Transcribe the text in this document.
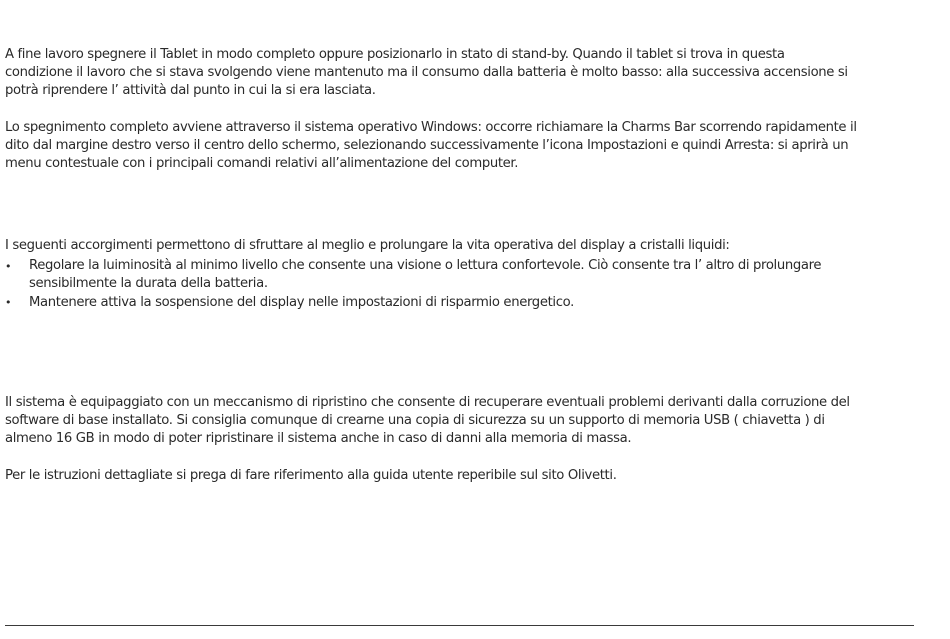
A fine lavoro spegnere il Tablet in modo completo oppure posizionarlo in stato di stand-by. Quando il tablet si trova in questa
condizione il lavoro che si stava svolgendo viene mantenuto ma il consumo dalla batteria è molto basso: alla successiva accensione si
potrà riprendere l’ attività dal punto in cui la si era lasciata.
Lo spegnimento completo avviene attraverso il sistema operativo Windows: occorre richiamare la Charms Bar scorrendo rapidamente il
dito dal margine destro verso il centro dello schermo, selezionando successivamente l’icona Impostazioni e quindi Arresta: si aprirà un
menu contestuale con i principali comandi relativi all’alimentazione del computer.
I seguenti accorgimenti permettono di sfruttare al meglio e prolungare la vita operativa del display a cristalli liquidi:
• Regolare la luiminosità al minimo livello che consente una visione o lettura confortevole. Ciò consente tra l’ altro di prolungare
sensibilmente la durata della batteria.
• Mantenere attiva la sospensione del display nelle impostazioni di risparmio energetico.
Il sistema è equipaggiato con un meccanismo di ripristino che consente di recuperare eventuali problemi derivanti dalla corruzione del
software di base installato. Si consiglia comunque di crearne una copia di sicurezza su un supporto di memoria USB ( chiavetta ) di
almeno 16 GB in modo di poter ripristinare il sistema anche in caso di danni alla memoria di massa.
Per le istruzioni dettagliate si prega di fare riferimento alla guida utente reperibile sul sito Olivetti.
